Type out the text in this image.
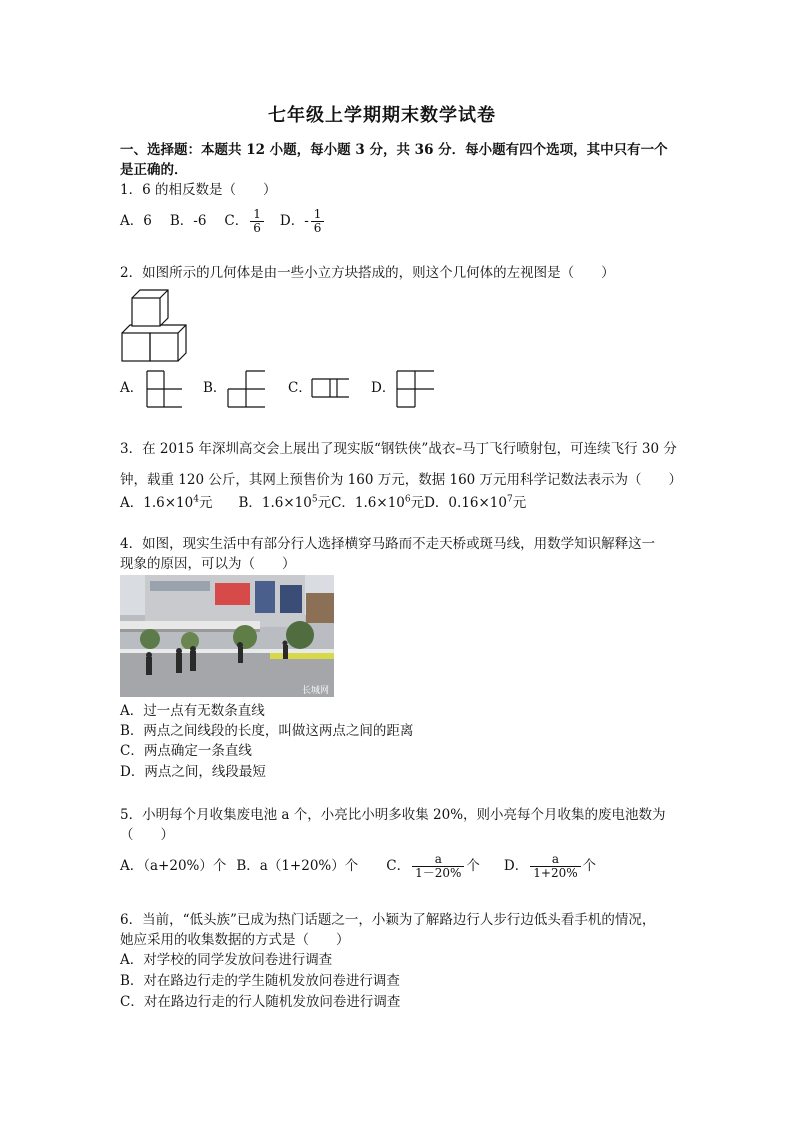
七年级上学期期末数学试卷
一、选择题：本题共 12 小题，每小题 3 分，共 36 分．每小题有四个选项，其中只有一个
是正确的．
1．6 的相反数是（　　）
A．6 B．-6 C． $\frac{1}{6}$ D．- $\frac{1}{6}$
2．如图所示的几何体是由一些小立方块搭成的，则这个几何体的左视图是（　　）
A．	B．	C．	D．
3．在 2015 年深圳高交会上展出了现实版“钢铁侠”战衣–马丁飞行喷射包，可连续飞行 30 分
钟，载重 120 公斤，其网上预售价为 160 万元，数据 160 万元用科学记数法表示为（　　）
A．$1.6\times 10^4$元 B．$1.6\times 10^5$元C．$1.6\times 10^6$元D．$0.16\times 10^7$元
4．如图，现实生活中有部分行人选择横穿马路而不走天桥或斑马线，用数学知识解释这一
现象的原因，可以为（　　）
长城网
A．过一点有无数条直线
B．两点之间线段的长度，叫做这两点之间的距离
C．两点确定一条直线
D．两点之间，线段最短
5．小明每个月收集废电池 a 个，小亮比小明多收集 20%，则小亮每个月收集的废电池数为
（　　）
A．（a+20%）个 B．a（1+20%）个 C． $\frac{a}{1-20\%}$ 个 D． $\frac{a}{1+20\%}$ 个
6．当前，“低头族”已成为热门话题之一，小颖为了解路边行人步行边低头看手机的情况，
她应采用的收集数据的方式是（　　）
A．对学校的同学发放问卷进行调查
B．对在路边行走的学生随机发放问卷进行调查
C．对在路边行走的行人随机发放问卷进行调查
